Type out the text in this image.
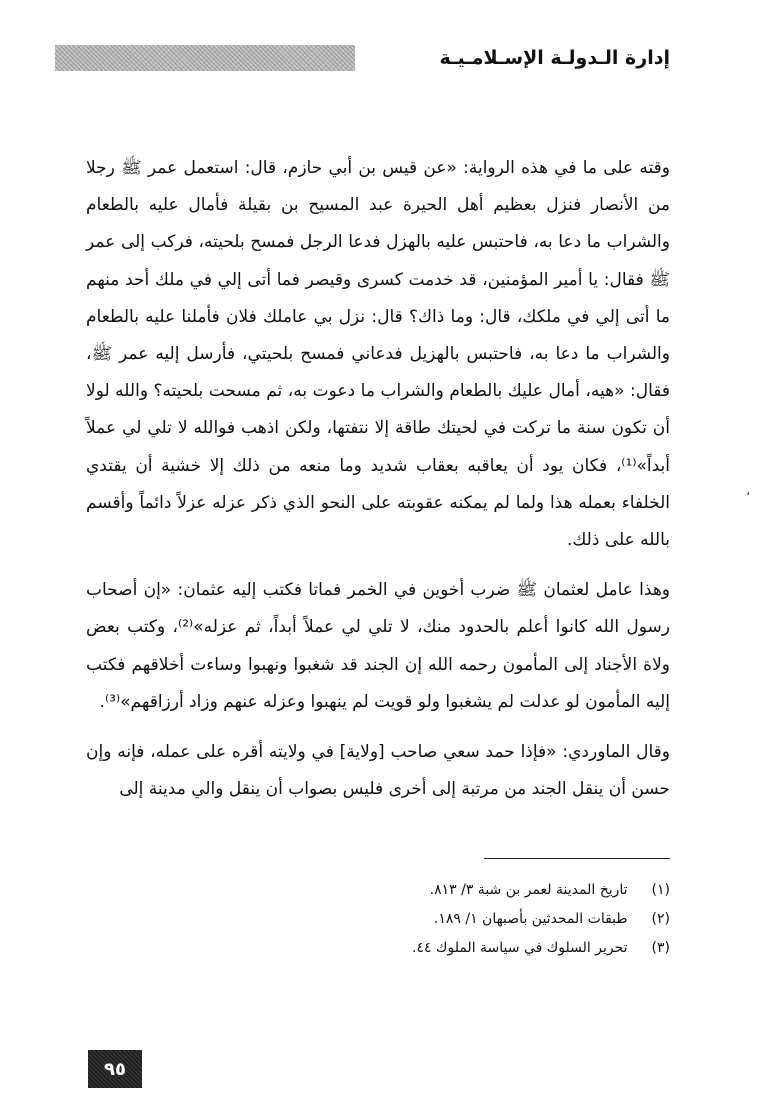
إدارة الـدولـة الإسـلامـيـة

وقته على ما في هذه الرواية: «عن قيس بن أبي حازم، قال: استعمل عمر ﷺ رجلا من الأنصار فنزل بعظيم أهل الحيرة عبد المسيح بن بقيلة فأمال عليه بالطعام والشراب ما دعا به، فاحتبس عليه بالهزل فدعا الرجل فمسح بلحيته، فركب إلى عمر ﷺ فقال: يا أمير المؤمنين، قد خدمت كسرى وقيصر فما أتى إلي في ملك أحد منهم ما أتى إلي في ملكك، قال: وما ذاك؟ قال: نزل بي عاملك فلان فأملنا عليه بالطعام والشراب ما دعا به، فاحتبس بالهزيل فدعاني فمسح بلحيتي، فأرسل إليه عمر ﷺ، فقال: «هيه، أمال عليك بالطعام والشراب ما دعوت به، ثم مسحت بلحيته؟ والله لولا أن تكون سنة ما تركت في لحيتك طاقة إلا نتفتها، ولكن اذهب فوالله لا تلي لي عملاً أبداً»⁽¹⁾، فكان يود أن يعاقبه بعقاب شديد وما منعه من ذلك إلا خشية أن يقتدي الخلفاء بعمله هذا ولما لم يمكنه عقوبته على النحو الذي ذكر عزله عزلاً دائماً وأقسم بالله على ذلك.

وهذا عامل لعثمان ﷺ ضرب أخوين في الخمر فماتا فكتب إليه عثمان: «إن أصحاب رسول الله كانوا أعلم بالحدود منك، لا تلي لي عملاً أبداً، ثم عزله»⁽²⁾، وكتب بعض ولاة الأجناد إلى المأمون رحمه الله إن الجند قد شغبوا ونهبوا وساءت أخلاقهم فكتب إليه المأمون لو عدلت لم يشغبوا ولو قويت لم ينهبوا وعزله عنهم وزاد أرزاقهم»⁽³⁾.

وقال الماوردي: «فإذا حمد سعي صاحب [ولاية] في ولايته أقره على عمله، فإنه وإن حسن أن ينقل الجند من مرتبة إلى أخرى فليس بصواب أن ينقل والي مدينة إلى

،
(١) تاريخ المدينة لعمر بن شبة ٣/ ٨١٣.
(٢) طبقات المحدثين بأصبهان ١/ ١٨٩.
(٣) تحرير السلوك في سياسة الملوك ٤٤.
٩٥
